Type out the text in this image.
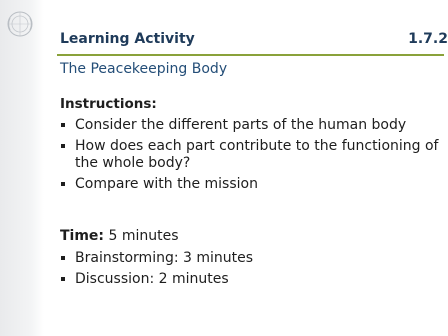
Learning Activity	1.7.2
The Peacekeeping Body
Instructions:
Consider the different parts of the human body
How does each part contribute to the functioning of the whole body?
Compare with the mission
Time: 5 minutes
Brainstorming: 3 minutes
Discussion: 2 minutes
